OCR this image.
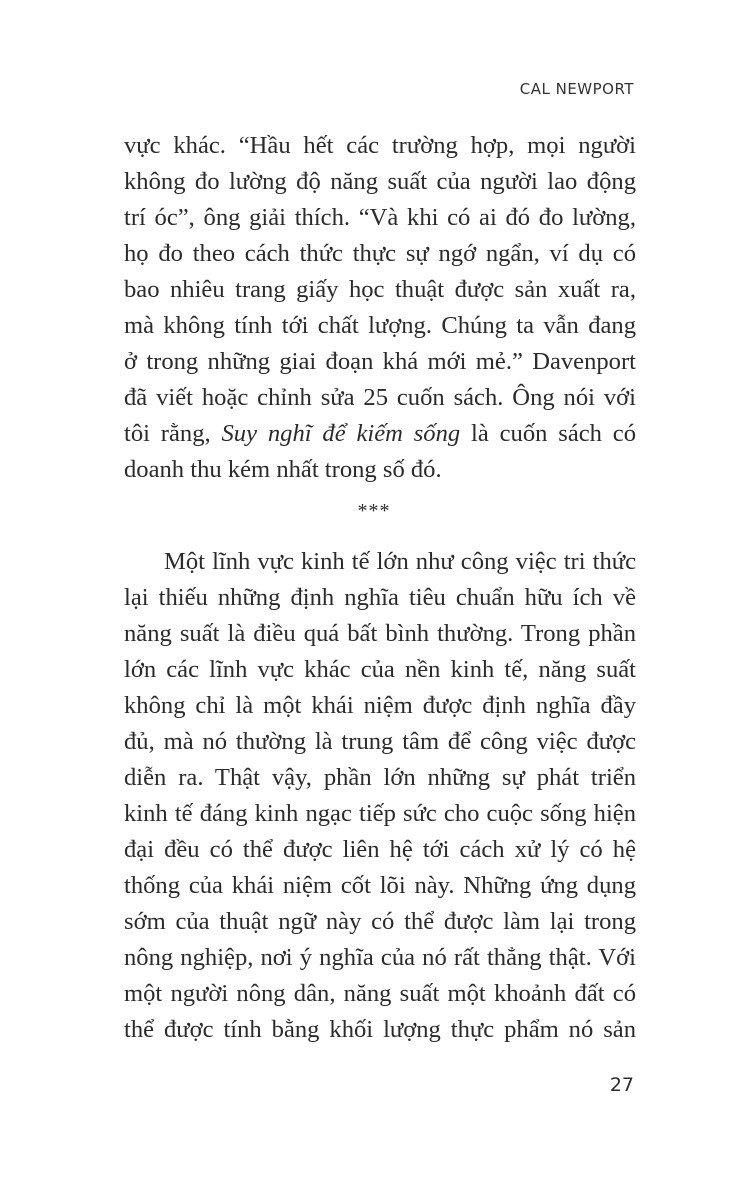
CAL NEWPORT
vực khác. “Hầu hết các trường hợp, mọi người
không đo lường độ năng suất của người lao động
trí óc”, ông giải thích. “Và khi có ai đó đo lường,
họ đo theo cách thức thực sự ngớ ngẩn, ví dụ có
bao nhiêu trang giấy học thuật được sản xuất ra,
mà không tính tới chất lượng. Chúng ta vẫn đang
ở trong những giai đoạn khá mới mẻ.” Davenport
đã viết hoặc chỉnh sửa 25 cuốn sách. Ông nói với
tôi rằng, Suy nghĩ để kiếm sống là cuốn sách có
doanh thu kém nhất trong số đó.
***
Một lĩnh vực kinh tế lớn như công việc tri thức
lại thiếu những định nghĩa tiêu chuẩn hữu ích về
năng suất là điều quá bất bình thường. Trong phần
lớn các lĩnh vực khác của nền kinh tế, năng suất
không chỉ là một khái niệm được định nghĩa đầy
đủ, mà nó thường là trung tâm để công việc được
diễn ra. Thật vậy, phần lớn những sự phát triển
kinh tế đáng kinh ngạc tiếp sức cho cuộc sống hiện
đại đều có thể được liên hệ tới cách xử lý có hệ
thống của khái niệm cốt lõi này. Những ứng dụng
sớm của thuật ngữ này có thể được làm lại trong
nông nghiệp, nơi ý nghĩa của nó rất thẳng thật. Với
một người nông dân, năng suất một khoảnh đất có
thể được tính bằng khối lượng thực phẩm nó sản
27
